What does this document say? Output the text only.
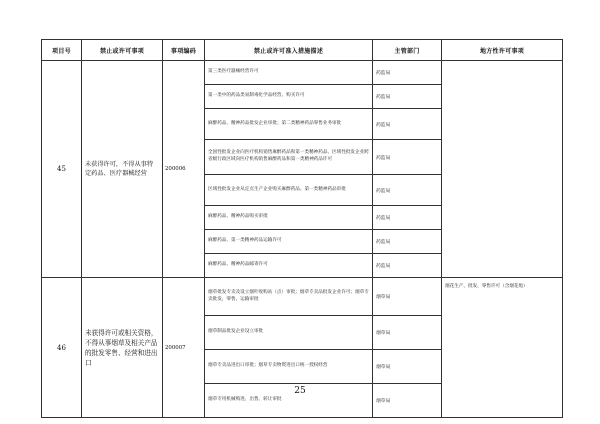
项目号	禁止或许可事项	事项编码	禁止或许可准入措施描述	主管部门	地方性许可事项
45	未获得许可，不得从事特定药品、医疗器械经营	200006	第三类医疗器械经营许可	药监局	
			第一类中的药品类易制毒化学品经营、购买许可	药监局	
			麻醉药品、精神药品批发企业审批；第二类精神药品零售业务审批	药监局	
			全国性批发企业向医疗机构销售麻醉药品和第一类精神药品、区域性批发企业跨省级行政区域向医疗机构销售麻醉药品和第一类精神药品许可	药监局	
			区域性批发企业从定点生产企业购买麻醉药品、第一类精神药品审批	药监局	
			麻醉药品、精神药品购买审批	药监局	
			麻醉药品、第一类精神药品运输许可	药监局	
			麻醉药品、精神药品邮寄许可	药监局	
46	未获得许可或相关资格，不得从事烟草及相关产品的批发零售、经营和进出口	200007	烟草批发专卖及设立烟叶收购站（点）审批；烟草专卖品批发企业许可；烟草专卖批发、零售、运输审批	烟草局	烟花生产、批发、零售许可（含烟花炮）
			烟草制品批发企业设立审批	烟草局	
			烟草专卖品进出口审批；烟草专卖物资进出口统一授权经营	烟草局	
			烟草专用机械购进、出售、转让审批	烟草局	
25
